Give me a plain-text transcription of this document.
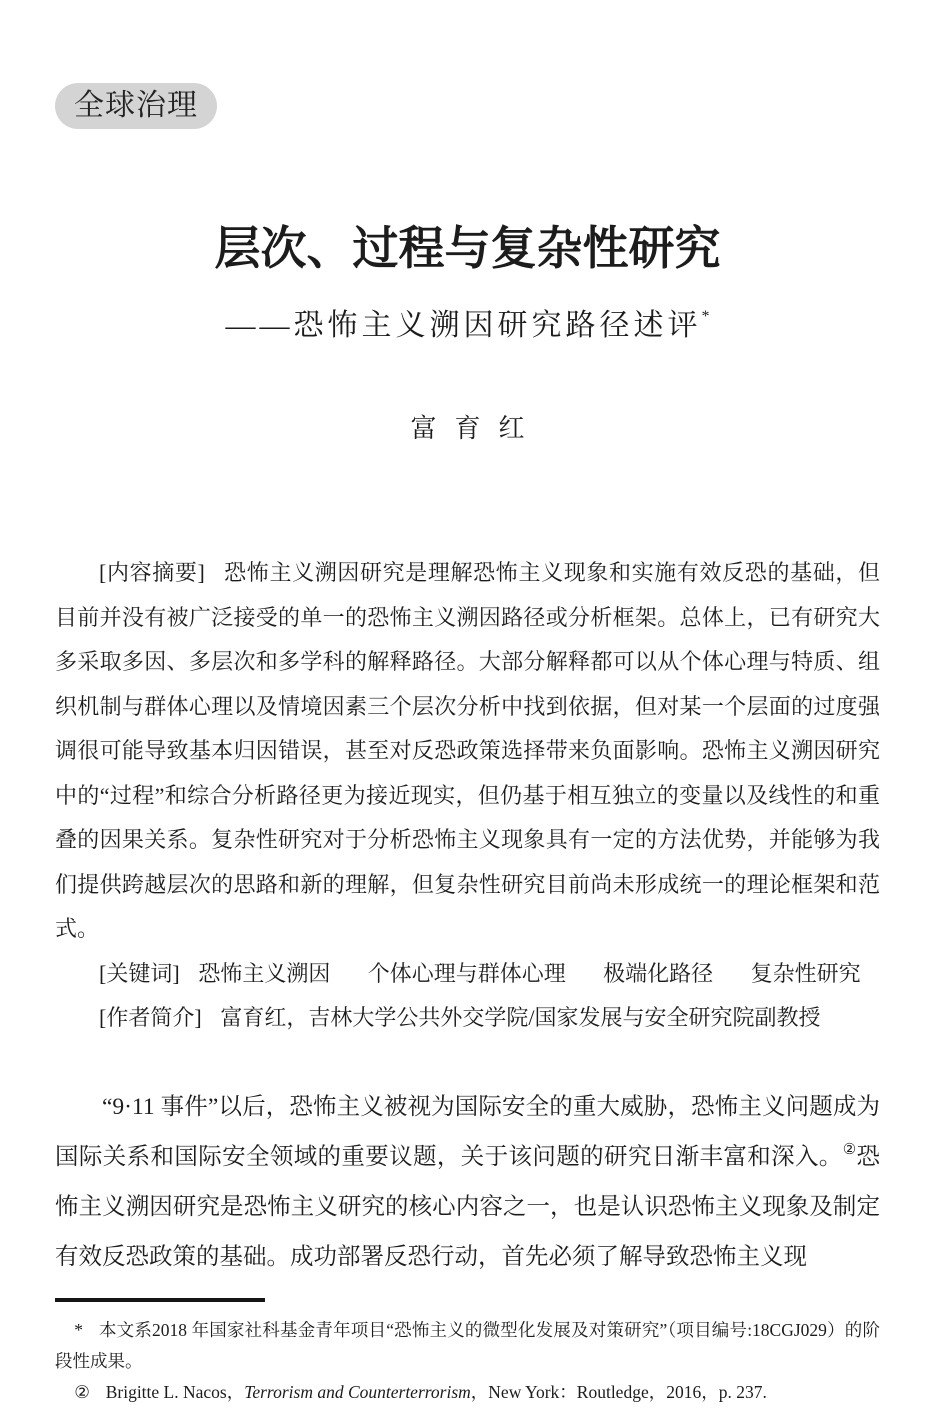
全球治理
层次、过程与复杂性研究
——恐怖主义溯因研究路径述评*
富育红

[内容摘要] 恐怖主义溯因研究是理解恐怖主义现象和实施有效反恐的基础，但目前并没有被广泛接受的单一的恐怖主义溯因路径或分析框架。总体上，已有研究大多采取多因、多层次和多学科的解释路径。大部分解释都可以从个体心理与特质、组织机制与群体心理以及情境因素三个层次分析中找到依据，但对某一个层面的过度强调很可能导致基本归因错误，甚至对反恐政策选择带来负面影响。恐怖主义溯因研究中的“过程”和综合分析路径更为接近现实，但仍基于相互独立的变量以及线性的和重叠的因果关系。复杂性研究对于分析恐怖主义现象具有一定的方法优势，并能够为我们提供跨越层次的思路和新的理解，但复杂性研究目前尚未形成统一的理论框架和范式。

[关键词] 恐怖主义溯因 个体心理与群体心理 极端化路径 复杂性研究

[作者简介] 富育红，吉林大学公共外交学院/国家发展与安全研究院副教授

“9·11 事件”以后，恐怖主义被视为国际安全的重大威胁，恐怖主义问题成为国际关系和国际安全领域的重要议题，关于该问题的研究日渐丰富和深入。②恐怖主义溯因研究是恐怖主义研究的核心内容之一，也是认识恐怖主义现象及制定有效反恐政策的基础。成功部署反恐行动，首先必须了解导致恐怖主义现

* 本文系2018 年国家社科基金青年项目“恐怖主义的微型化发展及对策研究”（项目编号:18CGJ029）的阶段性成果。

② Brigitte L. Nacos，Terrorism and Counterterrorism，New York：Routledge，2016，p. 237.
